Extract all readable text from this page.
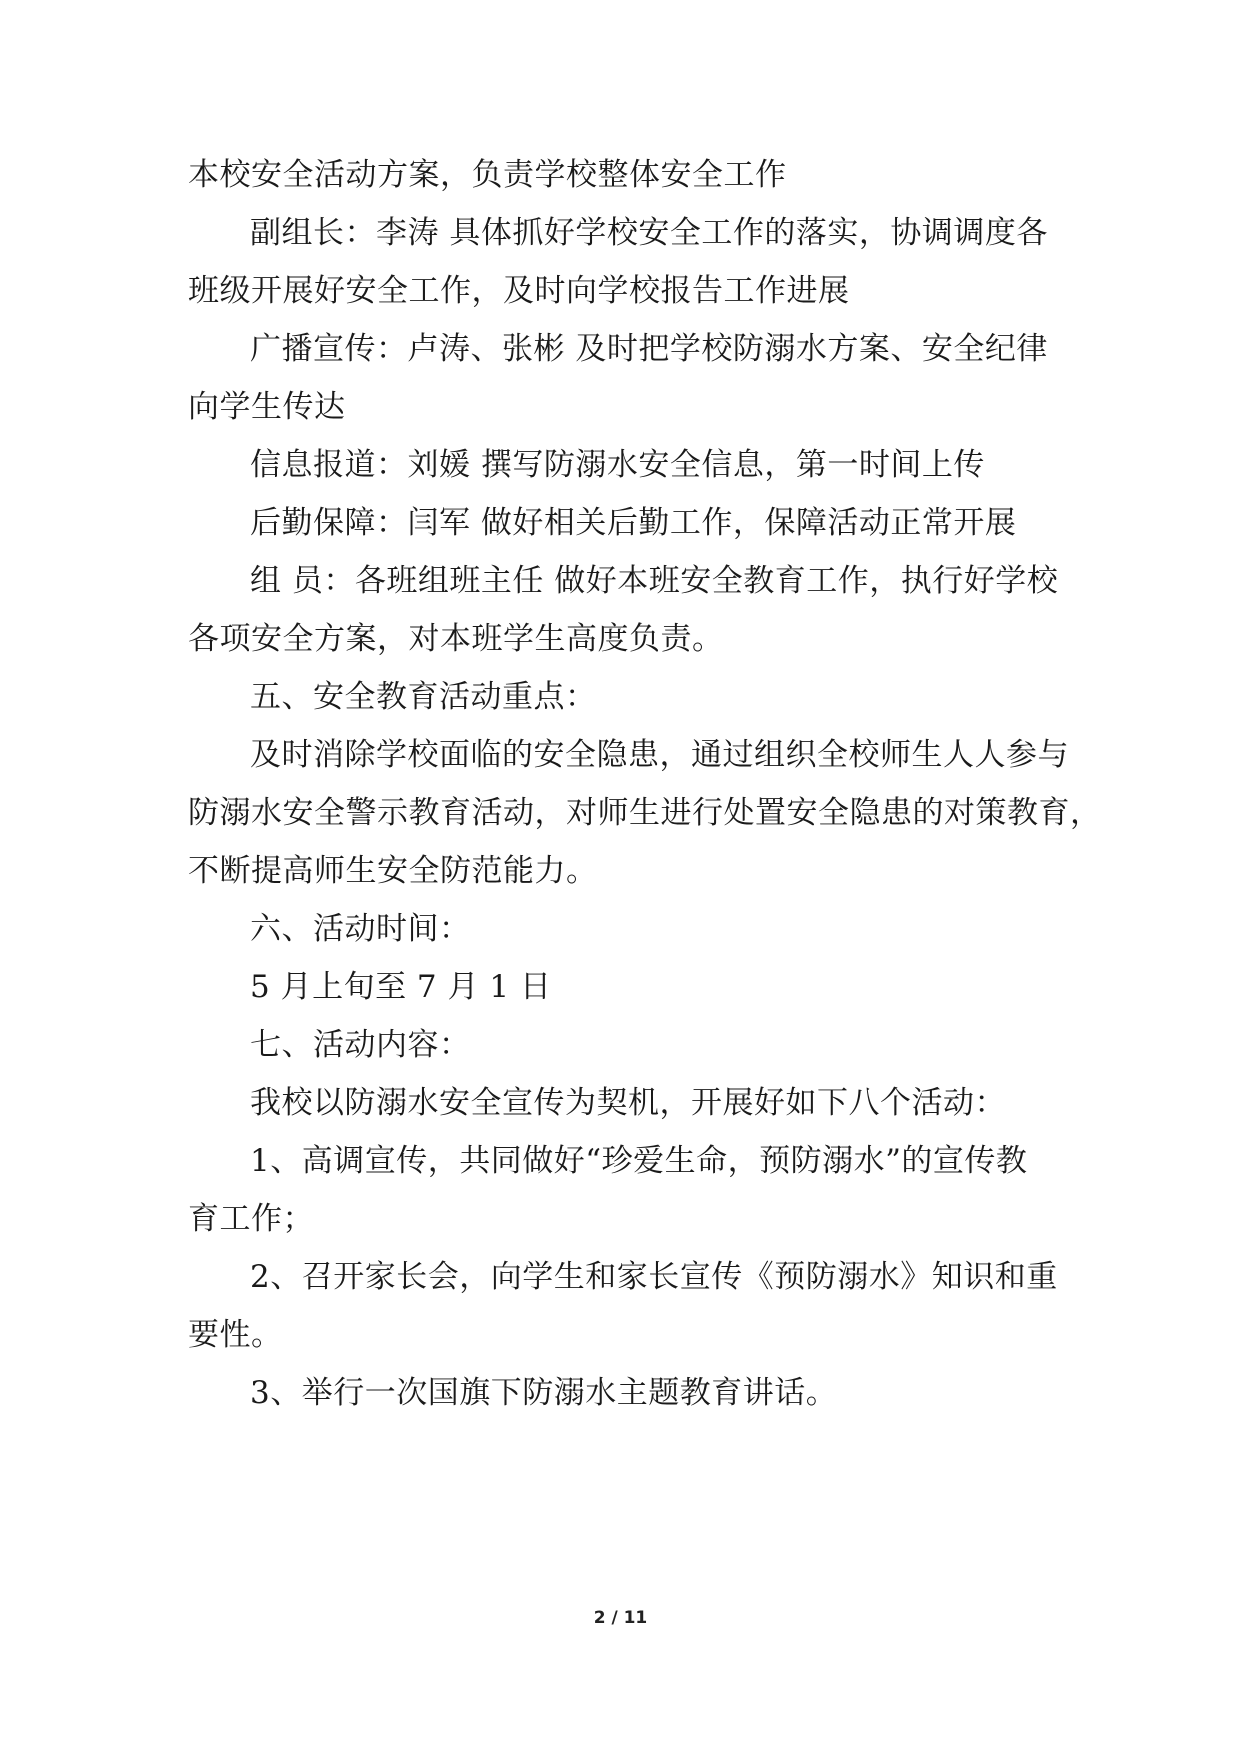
本校安全活动方案，负责学校整体安全工作
副组长：李涛 具体抓好学校安全工作的落实，协调调度各
班级开展好安全工作，及时向学校报告工作进展
广播宣传：卢涛、张彬 及时把学校防溺水方案、安全纪律
向学生传达
信息报道：刘媛 撰写防溺水安全信息，第一时间上传
后勤保障：闫军 做好相关后勤工作，保障活动正常开展
组 员：各班组班主任 做好本班安全教育工作，执行好学校
各项安全方案，对本班学生高度负责。
五、安全教育活动重点：
及时消除学校面临的安全隐患，通过组织全校师生人人参与
防溺水安全警示教育活动，对师生进行处置安全隐患的对策教育，
不断提高师生安全防范能力。
六、活动时间：
5 月上旬至 7 月 1 日
七、活动内容：
我校以防溺水安全宣传为契机，开展好如下八个活动：
1、高调宣传，共同做好“珍爱生命，预防溺水”的宣传教
育工作；
2、召开家长会，向学生和家长宣传《预防溺水》知识和重
要性。
3、举行一次国旗下防溺水主题教育讲话。
2 / 11
